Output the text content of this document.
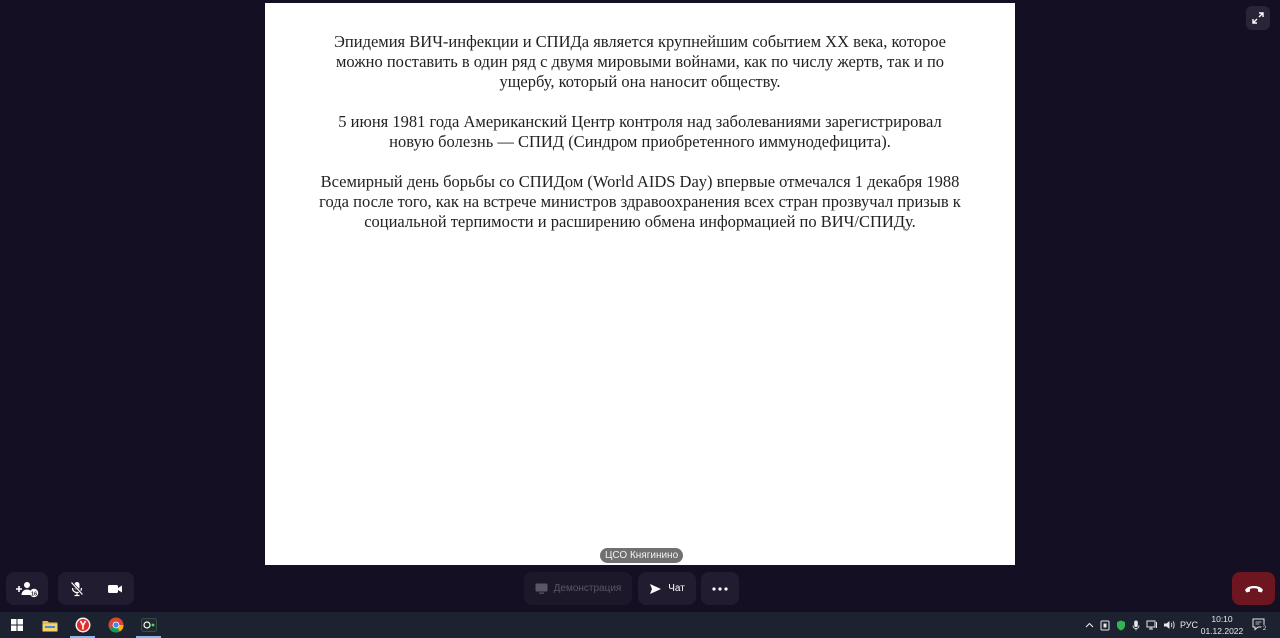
Эпидемия ВИЧ-инфекции и СПИДа является крупнейшим событием XX века, которое можно поставить в один ряд с двумя мировыми войнами, как по числу жертв, так и по ущербу, который она наносит обществу.

5 июня 1981 года Американский Центр контроля над заболеваниями зарегистрировал новую болезнь — СПИД (Синдром приобретенного иммунодефицита).

Всемирный день борьбы со СПИДом (World AIDS Day) впервые отмечался 1 декабря 1988 года после того, как на встрече министров здравоохранения всех стран прозвучал призыв к социальной терпимости и расширению обмена информацией по ВИЧ/СПИДу.

ЦСО Княгинино
16	Демонстрация	Чат
РУС
10:10
01.12.2022	2
